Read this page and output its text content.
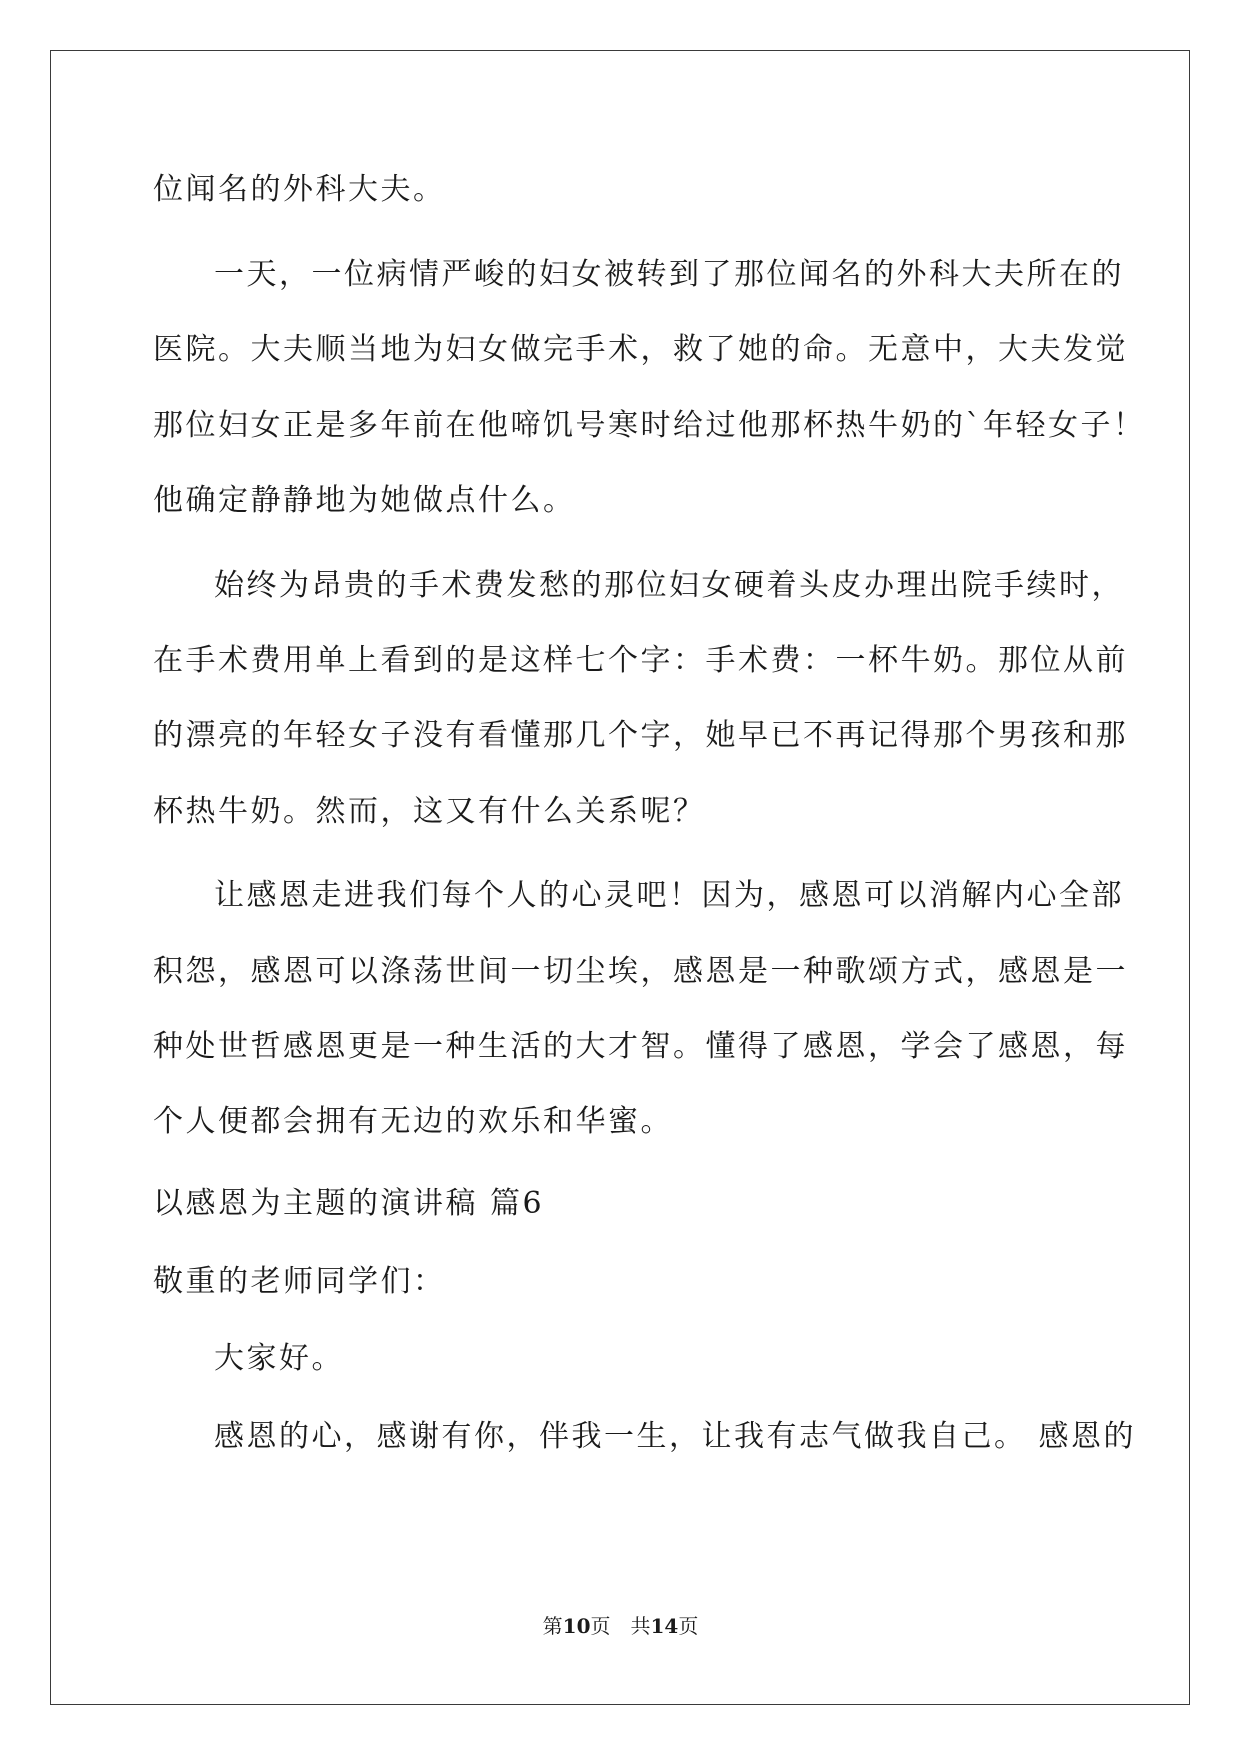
位闻名的外科大夫。
一天，一位病情严峻的妇女被转到了那位闻名的外科大夫所在的
医院。大夫顺当地为妇女做完手术，救了她的命。无意中，大夫发觉
那位妇女正是多年前在他啼饥号寒时给过他那杯热牛奶的`年轻女子！
他确定静静地为她做点什么。
始终为昂贵的手术费发愁的那位妇女硬着头皮办理出院手续时，
在手术费用单上看到的是这样七个字：手术费：一杯牛奶。那位从前
的漂亮的年轻女子没有看懂那几个字，她早已不再记得那个男孩和那
杯热牛奶。然而，这又有什么关系呢？
让感恩走进我们每个人的心灵吧！因为，感恩可以消解内心全部
积怨，感恩可以涤荡世间一切尘埃，感恩是一种歌颂方式，感恩是一
种处世哲感恩更是一种生活的大才智。懂得了感恩，学会了感恩，每
个人便都会拥有无边的欢乐和华蜜。
以感恩为主题的演讲稿 篇6
敬重的老师同学们：
大家好。
感恩的心，感谢有你，伴我一生，让我有志气做我自己。 感恩的
第10页　共14页
